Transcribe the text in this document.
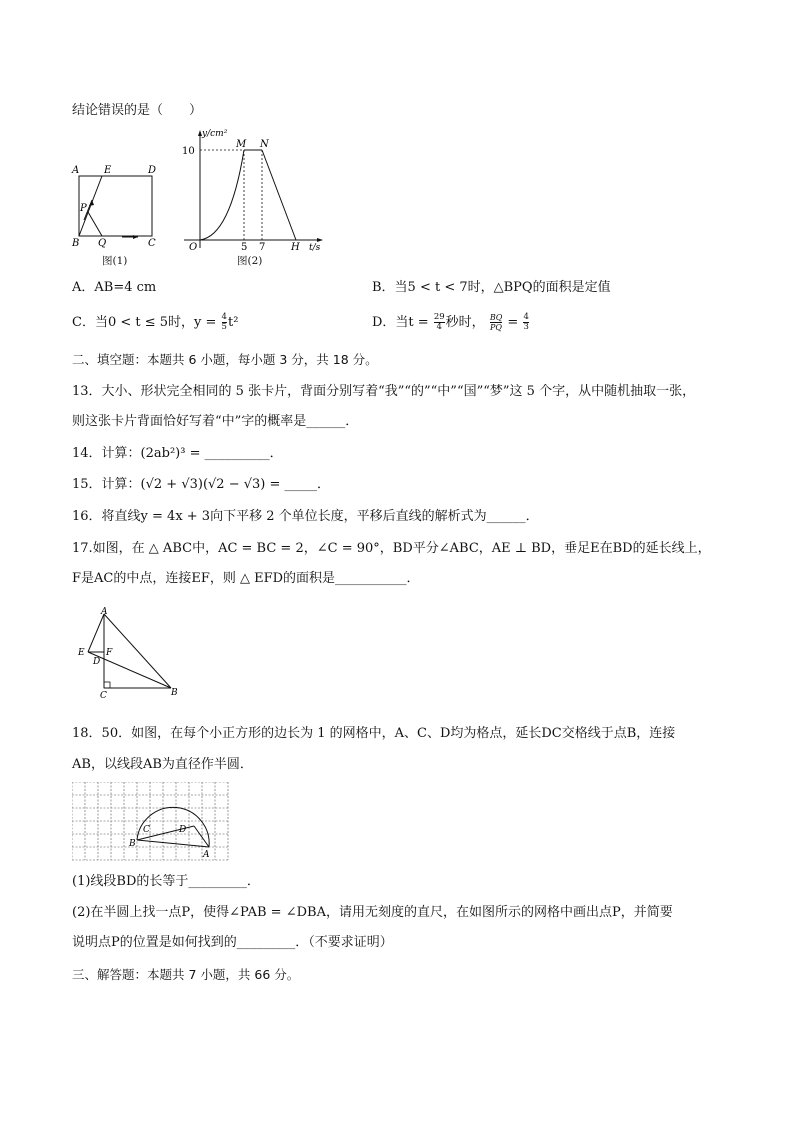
结论错误的是（　　）
A E	D
P
B Q	C
图(1)
y/cm²
10
M N
O	5 7	H t/s
图(2)
A．AB=4 cm	B．当5 < t < 7时，△BPQ的面积是定值
C．当0 < t ≤ 5时，$y = \frac{4}{5} t^2$	D．当$t = \frac{29}{4}$ 秒时， $\frac{BQ}{PQ} = \frac{4}{3}$
二、填空题：本题共 6 小题，每小题 3 分，共 18 分。
13．大小、形状完全相同的 5 张卡片，背面分别写着“我”“的”“中”“国”“梦”这 5 个字，从中随机抽取一张，
则这张卡片背面恰好写着“中”字的概率是______．
14．计算：(2ab²)³ = __________．
15．计算：(√2 + √3)(√2 − √3) = _____．
16．将直线y = 4x + 3向下平移 2 个单位长度，平移后直线的解析式为______．
17.如图，在 △ ABC中，AC = BC = 2，∠C = 90°，BD平分∠ABC，AE ⊥ BD，垂足E在BD的延长线上，
F是AC的中点，连接EF，则 △ EFD的面积是___________．
A
E F
D
C	B
18．50．如图，在每个小正方形的边长为 1 的网格中，A、C、D均为格点，延长DC交格线于点B，连接
AB，以线段AB为直径作半圆．
C	D
B
A
(1)线段BD的长等于_________．
(2)在半圆上找一点P，使得∠PAB = ∠DBA，请用无刻度的直尺，在如图所示的网格中画出点P，并简要
说明点P的位置是如何找到的_________．（不要求证明）
三、解答题：本题共 7 小题，共 66 分。
